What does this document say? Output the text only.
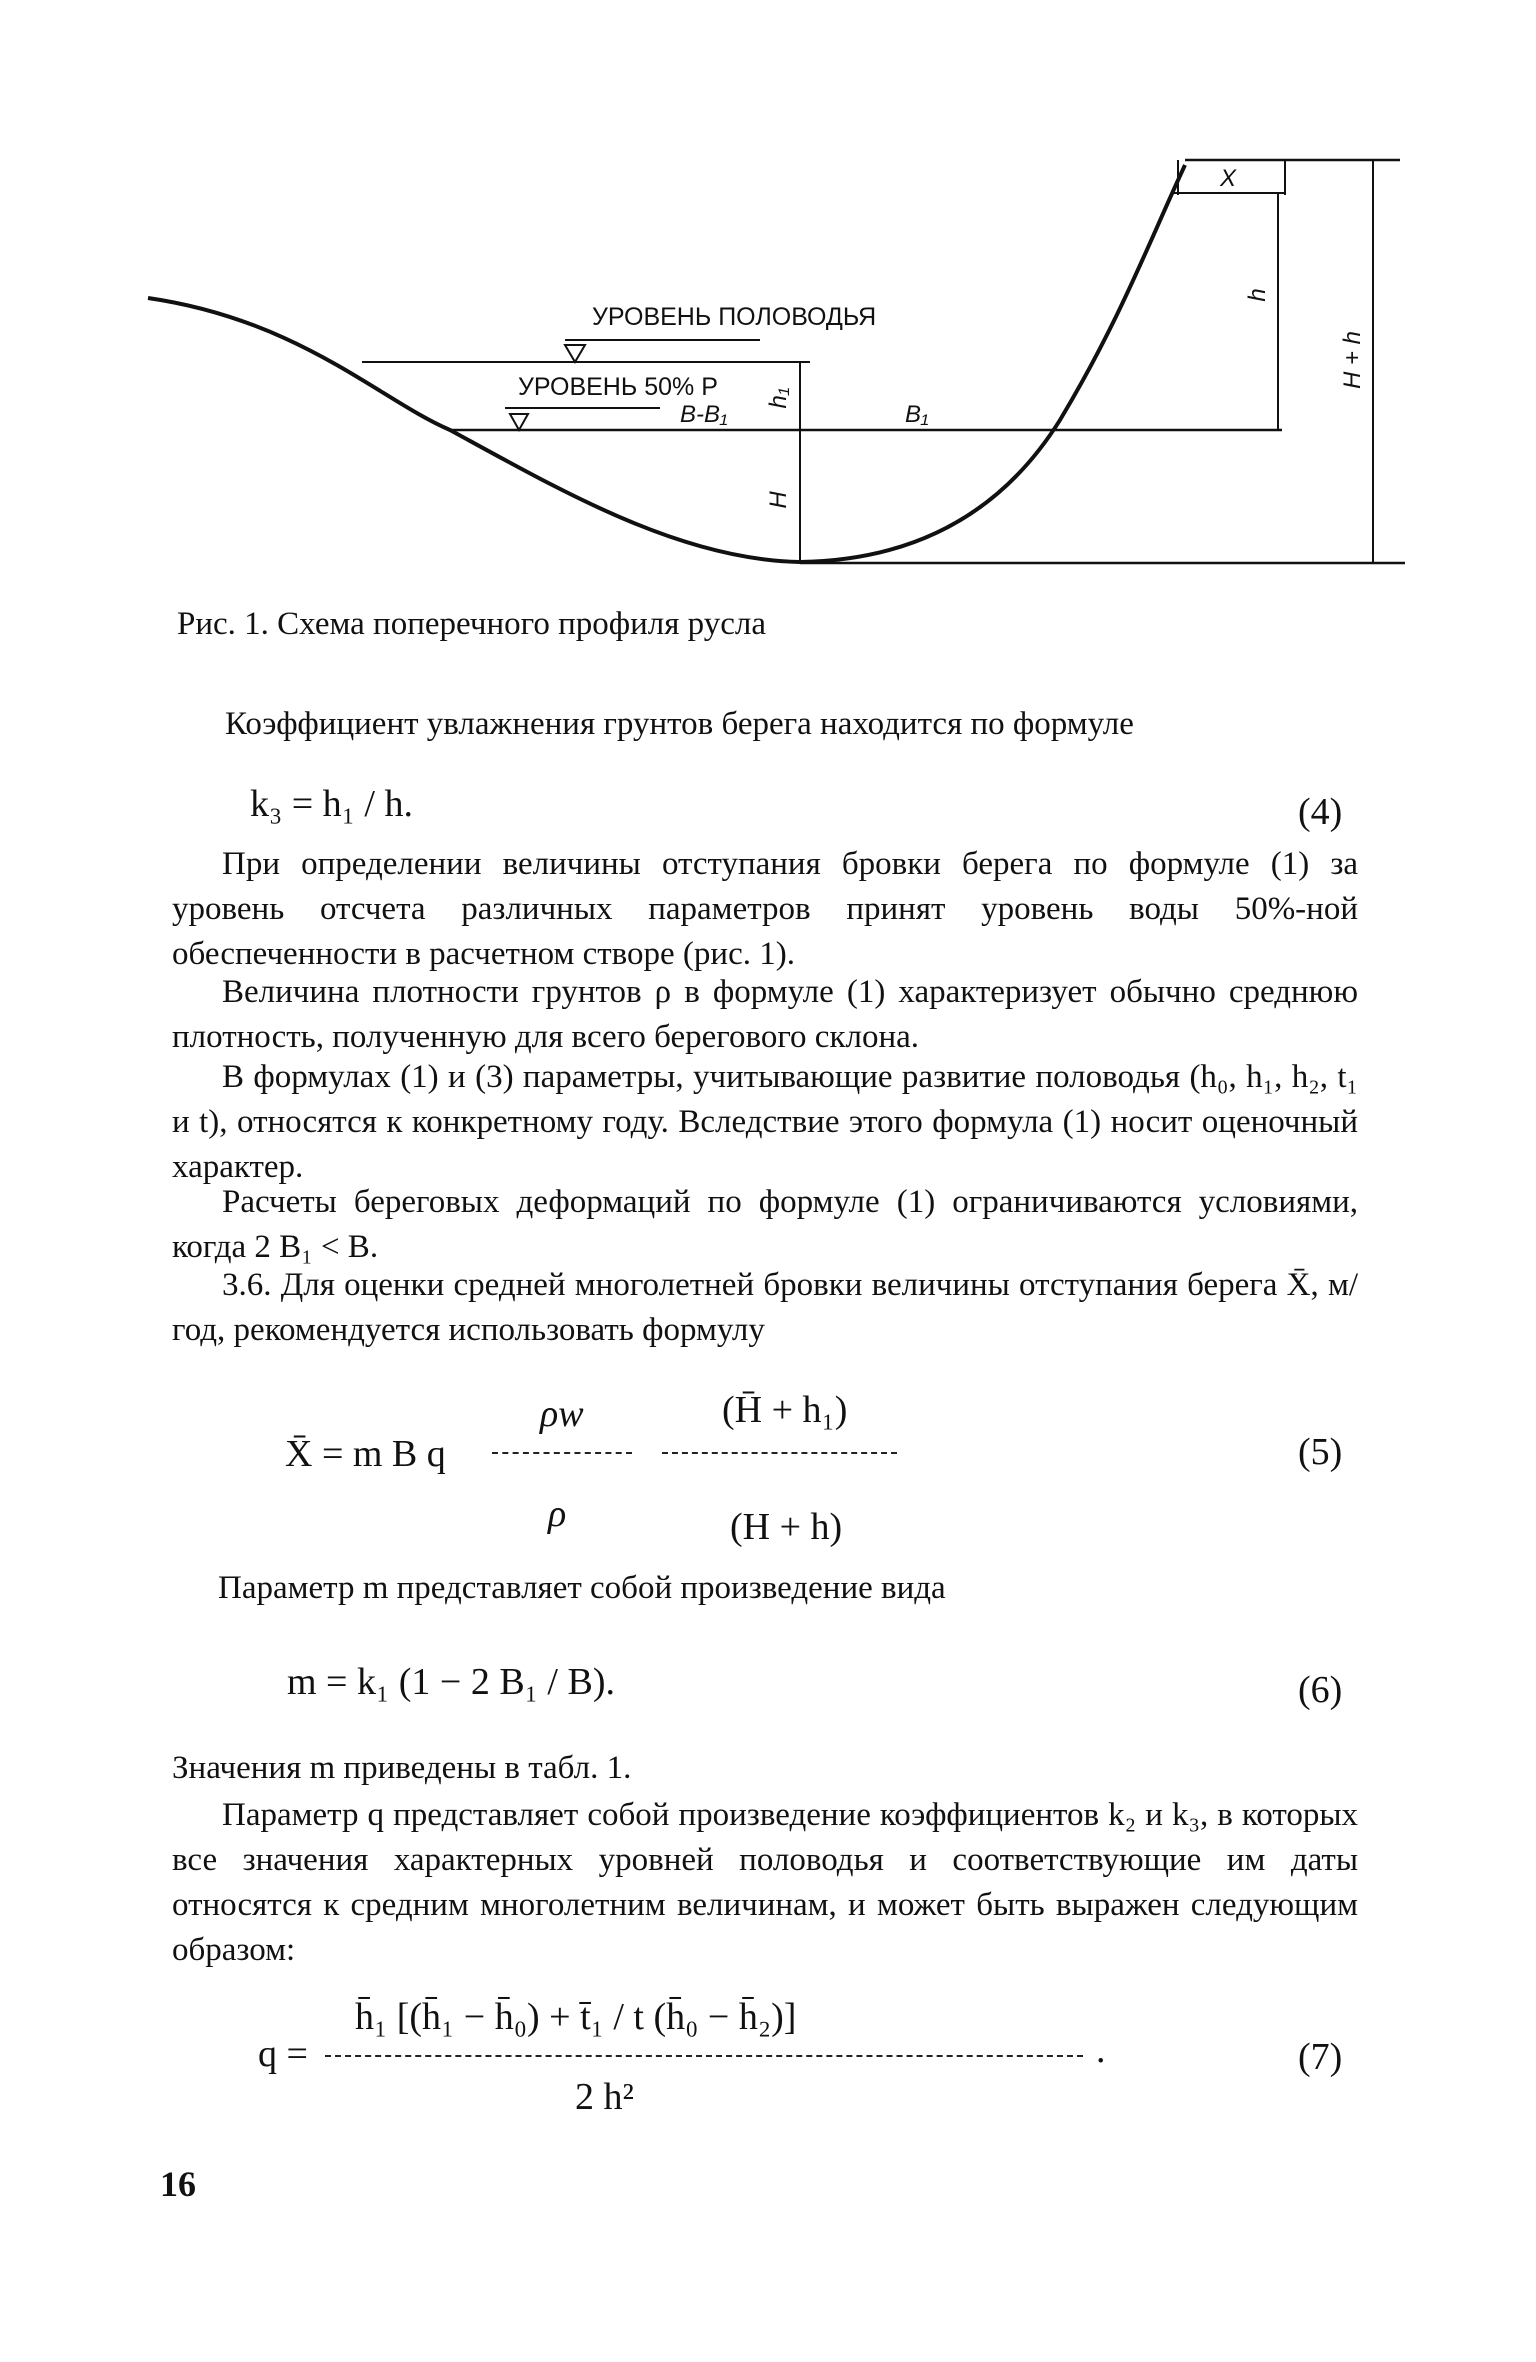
X
УРОВЕНЬ ПОЛОВОДЬЯ
УРОВЕНЬ 50% Р
B-B₁	B₁
h₁
H
h
H + h
Рис. 1. Схема поперечного профиля русла
Коэффициент увлажнения грунтов берега находится по формуле
k₃ = h₁ / h.	(4)
При определении величины отступания бровки берега по формуле (1) за уровень отсчета различных параметров принят уровень воды 50%-ной обеспеченности в расчетном створе (рис. 1).
Величина плотности грунтов ρ в формуле (1) характеризует обычно среднюю плотность, полученную для всего берегового склона.
В формулах (1) и (3) параметры, учитывающие развитие половодья (h₀, h₁, h₂, t₁ и t), относятся к конкретному году. Вследствие этого формула (1) носит оценочный характер.
Расчеты береговых деформаций по формуле (1) ограничиваются условиями, когда 2 B₁ < B.
3.6. Для оценки средней многолетней бровки величины отступания берега X̄, м/год, рекомендуется использовать формулу
ρw	(H̄ + h₁)
X̄ = m B q
ρ	(H + h)
(5)
Параметр m представляет собой произведение вида
m = k₁ (1 − 2 B₁ / B).	(6)
Значения m приведены в табл. 1.
Параметр q представляет собой произведение коэффициентов k₂ и k₃, в которых все значения характерных уровней половодья и соответствующие им даты относятся к средним многолетним величинам, и может быть выражен следующим образом:
h̄₁ [(h̄₁ − h̄₀) + t̄₁ / t (h̄₀ − h̄₂)]
q =	.
2 h²
(7)
16
